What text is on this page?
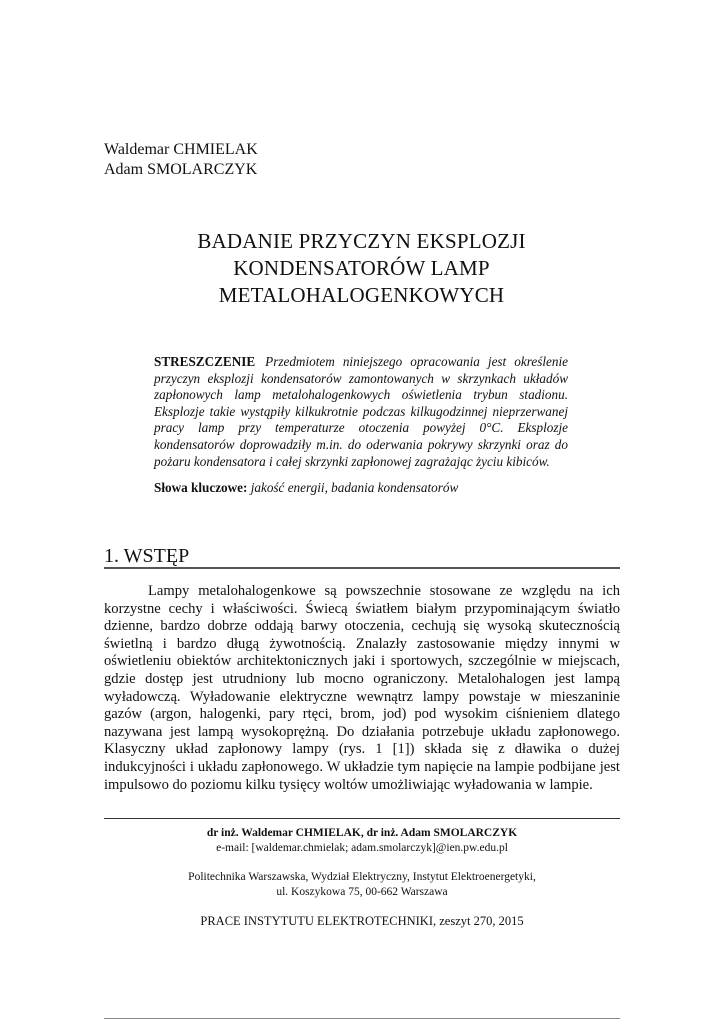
Waldemar CHMIELAK
Adam SMOLARCZYK
BADANIE PRZYCZYN EKSPLOZJI
KONDENSATORÓW LAMP
METALOHALOGENKOWYCH
STRESZCZENIE Przedmiotem niniejszego opracowania jest określenie przyczyn eksplozji kondensatorów zamontowanych w skrzynkach układów zapłonowych lamp metalohalogenkowych oświetlenia trybun stadionu. Eksplozje takie wystąpiły kilkukrotnie podczas kilkugodzinnej nieprzerwanej pracy lamp przy temperaturze otoczenia powyżej 0°C. Eksplozje kondensatorów doprowadziły m.in. do oderwania pokrywy skrzynki oraz do pożaru kondensatora i całej skrzynki zapłonowej zagrażając życiu kibiców.
Słowa kluczowe: jakość energii, badania kondensatorów
1. WSTĘP
Lampy metalohalogenkowe są powszechnie stosowane ze względu na ich korzystne cechy i właściwości. Świecą światłem białym przypominającym światło dzienne, bardzo dobrze oddają barwy otoczenia, cechują się wysoką skutecznością świetlną i bardzo długą żywotnością. Znalazły zastosowanie między innymi w oświetleniu obiektów architektonicznych jaki i sportowych, szczególnie w miejscach, gdzie dostęp jest utrudniony lub mocno ograniczony. Metalohalogen jest lampą wyładowczą. Wyładowanie elektryczne wewnątrz lampy powstaje w mieszaninie gazów (argon, halogenki, pary rtęci, brom, jod) pod wysokim ciśnieniem dlatego nazywana jest lampą wysokoprężną. Do działania potrzebuje układu zapłonowego. Klasyczny układ zapłonowy lampy (rys. 1 [1]) składa się z dławika o dużej indukcyjności i układu zapłonowego. W układzie tym napięcie na lampie podbijane jest impulsowo do poziomu kilku tysięcy woltów umożliwiając wyładowania w lampie.
dr inż. Waldemar CHMIELAK, dr inż. Adam SMOLARCZYK
e-mail: [waldemar.chmielak; adam.smolarczyk]@ien.pw.edu.pl
Politechnika Warszawska, Wydział Elektryczny, Instytut Elektroenergetyki,
ul. Koszykowa 75, 00-662 Warszawa
PRACE INSTYTUTU ELEKTROTECHNIKI, zeszyt 270, 2015
